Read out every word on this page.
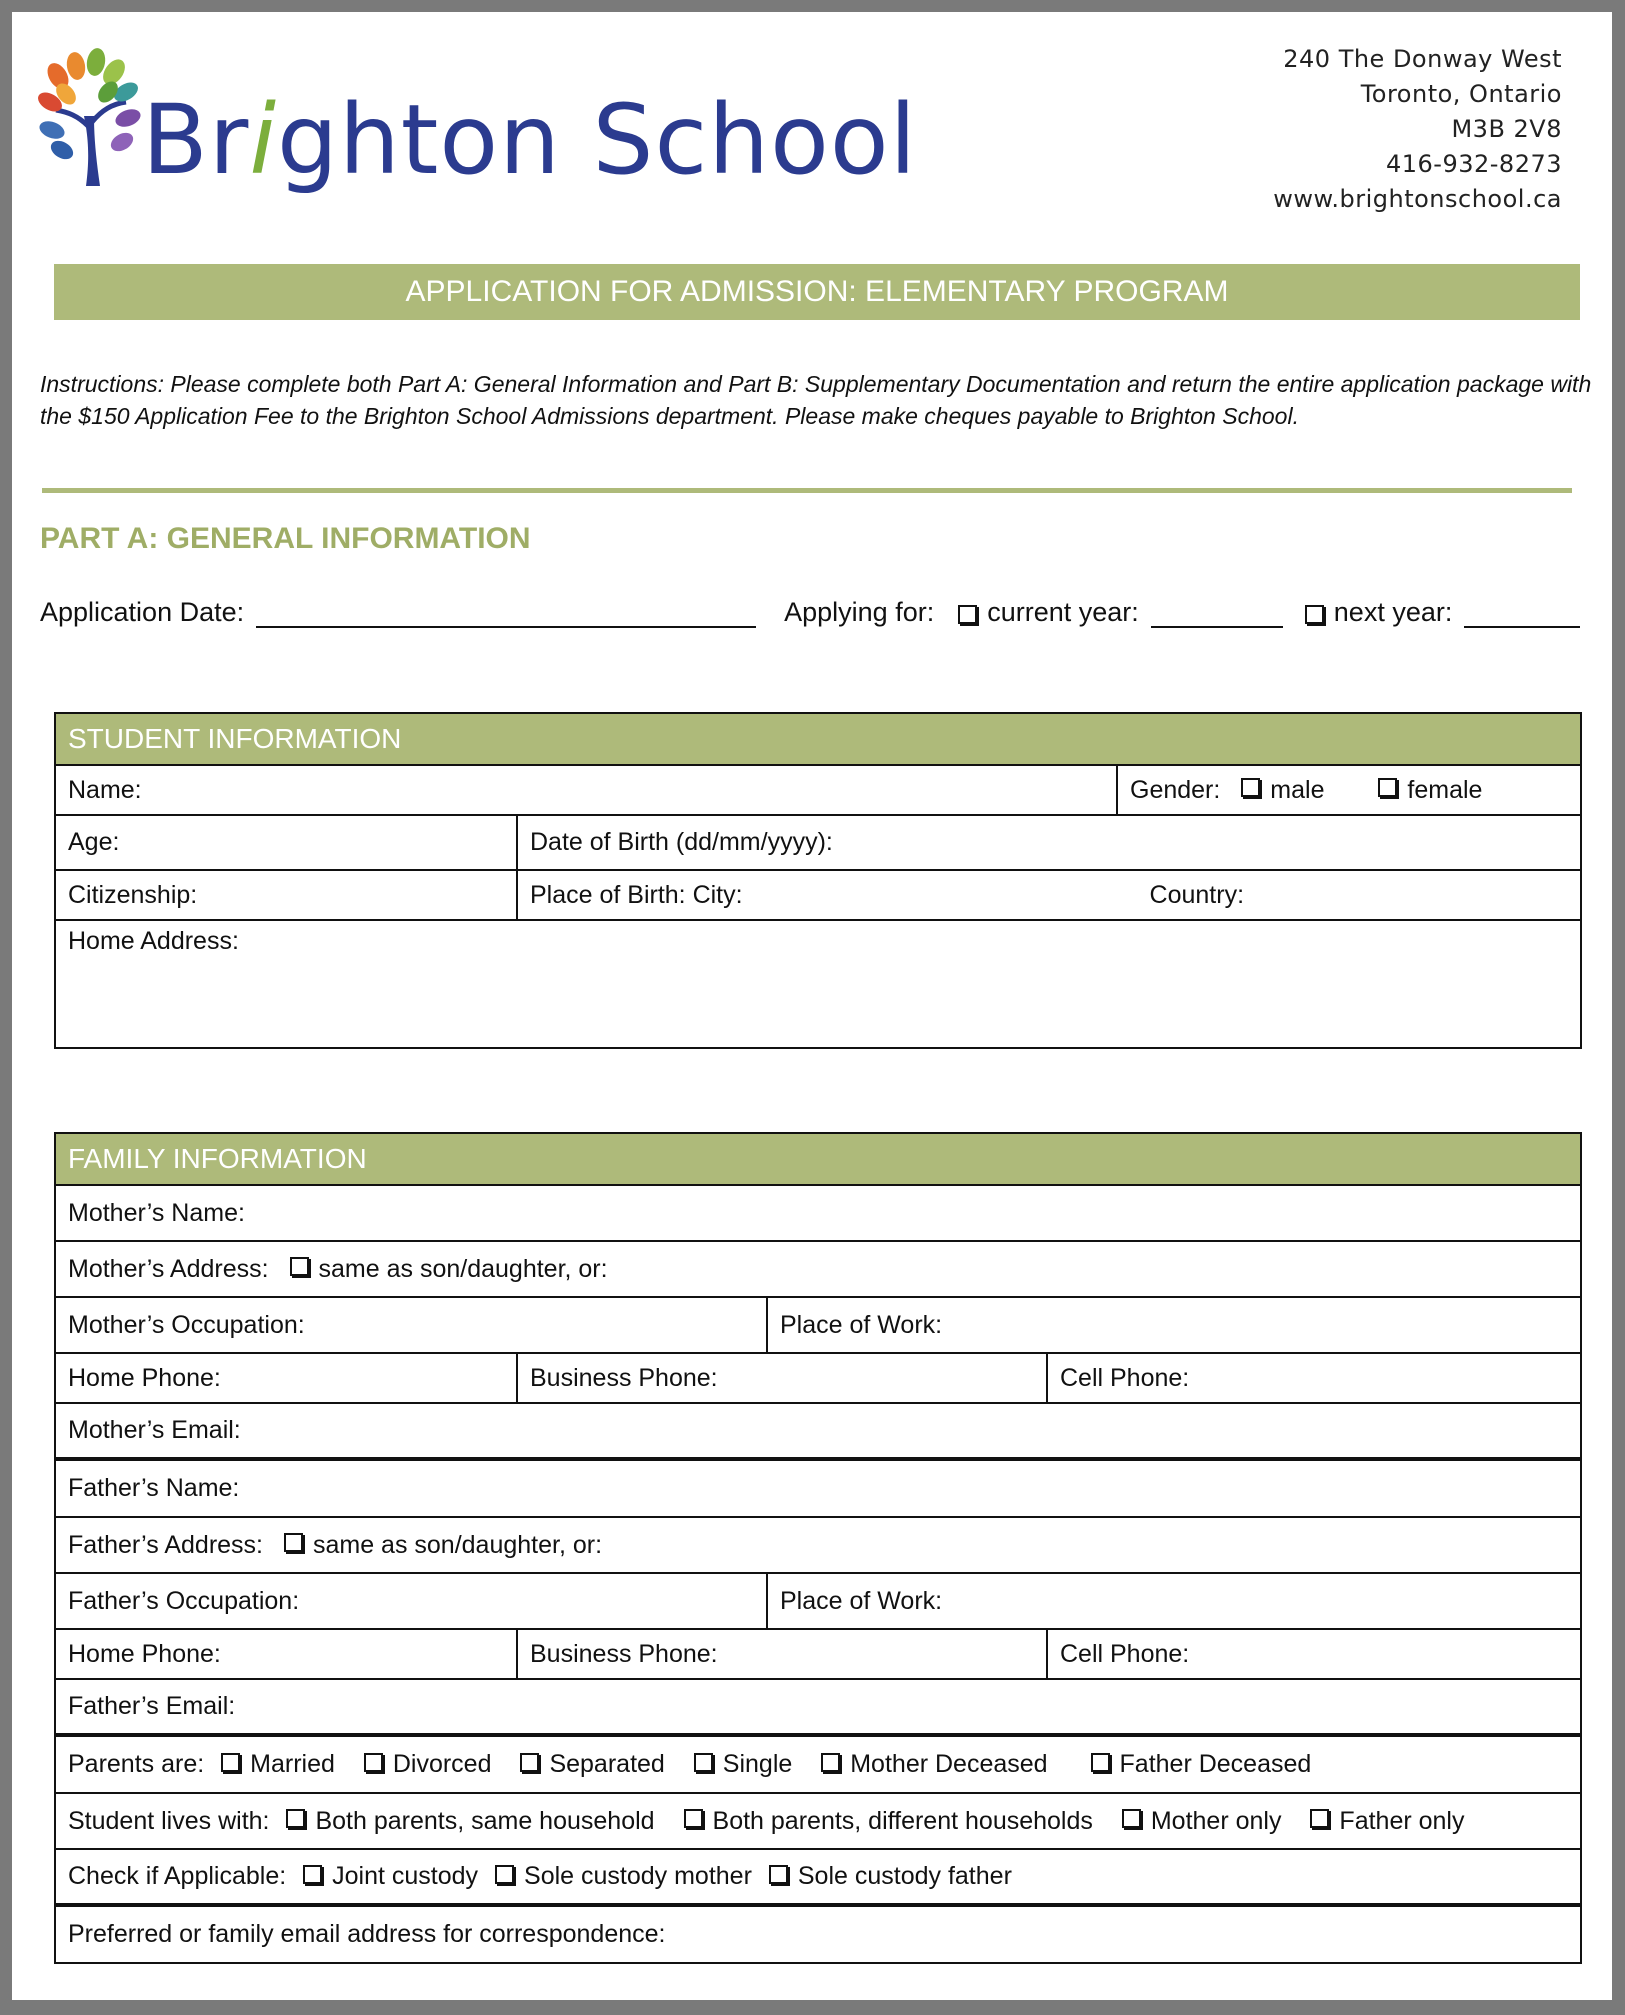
Brighton School
240 The Donway West
Toronto, Ontario
M3B 2V8
416-932-8273
www.brightonschool.ca
APPLICATION FOR ADMISSION: ELEMENTARY PROGRAM
Instructions: Please complete both Part A: General Information and Part B: Supplementary Documentation and return the entire application package with the $150 Application Fee to the Brighton School Admissions department. Please make cheques payable to Brighton School.
PART A: GENERAL INFORMATION
Application Date:	Applying for: current year:	next year:
STUDENT INFORMATION		
Name:		Gender: male female
Age:	Date of Birth (dd/mm/yyyy):	
Citizenship:	Place of Birth: City: Country:	
Home Address:		
FAMILY INFORMATION			
Mother’s Name:			
Mother’s Address: same as son/daughter, or:			
Mother’s Occupation:		Place of Work:	
Home Phone:	Business Phone:		Cell Phone:
Mother’s Email:			
Father’s Name:			
Father’s Address: same as son/daughter, or:			
Father’s Occupation:		Place of Work:	
Home Phone:	Business Phone:		Cell Phone:
Father’s Email:			
Parents are: Married Divorced Separated Single Mother Deceased Father Deceased			
Student lives with: Both parents, same household Both parents, different households Mother only Father only			
Check if Applicable: Joint custody Sole custody mother Sole custody father			
Preferred or family email address for correspondence:			
